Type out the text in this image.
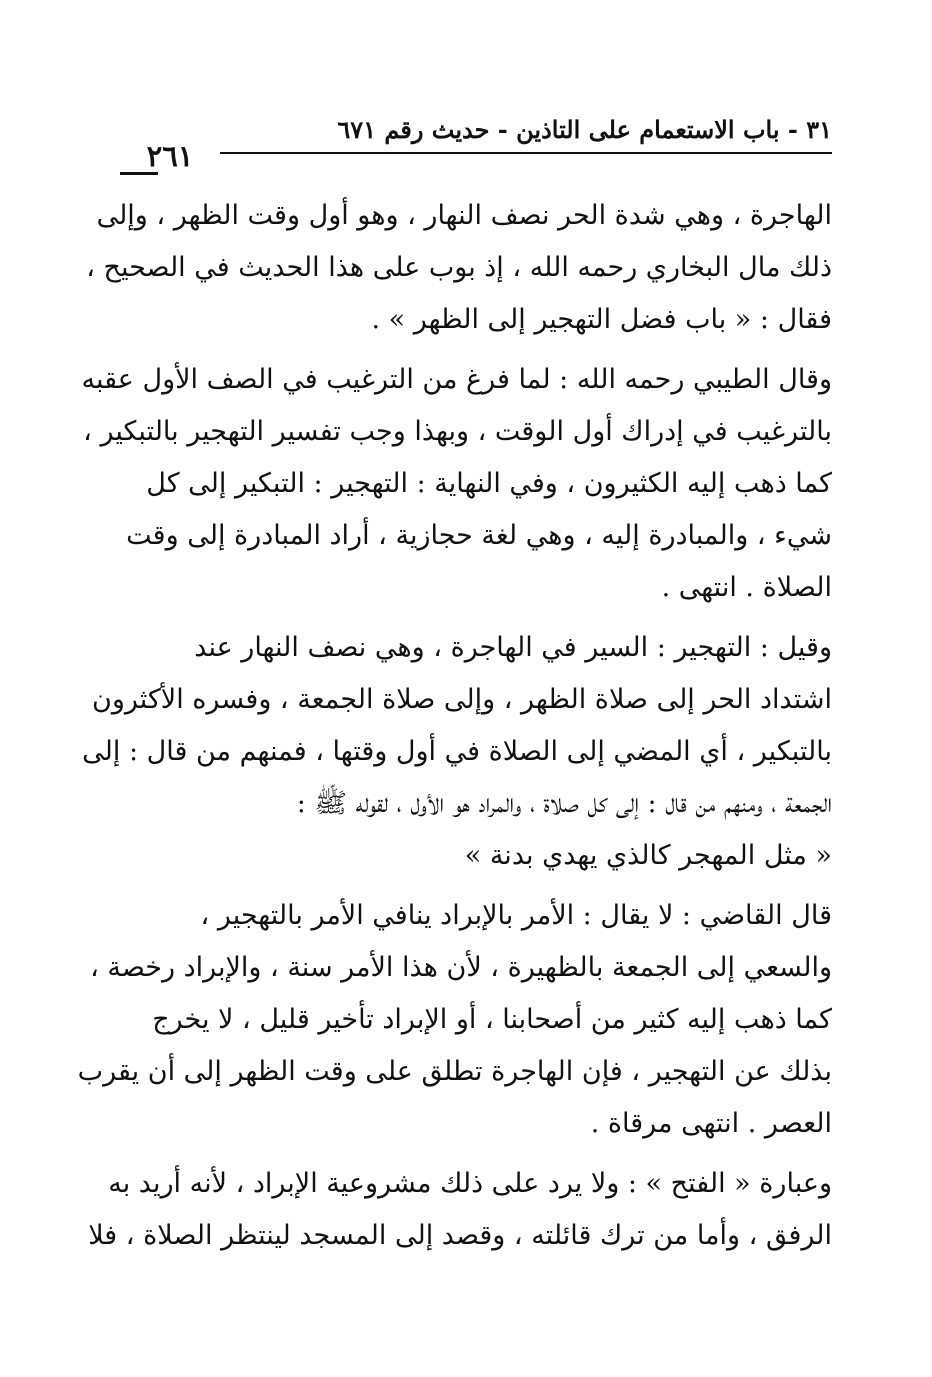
٣١ - باب الاستعمام على التاذين - حديث رقم ٦٧١
٢٦١
الهاجرة ، وهي شدة الحر نصف النهار ، وهو أول وقت الظهر ، وإلى
ذلك مال البخاري رحمه الله ، إذ بوب على هذا الحديث في الصحيح ،
فقال : « باب فضل التهجير إلى الظهر » .
وقال الطيبي رحمه الله : لما فرغ من الترغيب في الصف الأول عقبه
بالترغيب في إدراك أول الوقت ، وبهذا وجب تفسير التهجير بالتبكير ،
كما ذهب إليه الكثيرون ، وفي النهاية : التهجير : التبكير إلى كل
شيء ، والمبادرة إليه ، وهي لغة حجازية ، أراد المبادرة إلى وقت
الصلاة . انتهى .
وقيل : التهجير : السير في الهاجرة ، وهي نصف النهار عند
اشتداد الحر إلى صلاة الظهر ، وإلى صلاة الجمعة ، وفسره الأكثرون
بالتبكير ، أي المضي إلى الصلاة في أول وقتها ، فمنهم من قال : إلى
الجمعة ، ومنهم من قال : إلى كل صلاة ، والمراد هو الأول ، لقوله ﷺ :
« مثل المهجر كالذي يهدي بدنة »
قال القاضي : لا يقال : الأمر بالإبراد ينافي الأمر بالتهجير ،
والسعي إلى الجمعة بالظهيرة ، لأن هذا الأمر سنة ، والإبراد رخصة ،
كما ذهب إليه كثير من أصحابنا ، أو الإبراد تأخير قليل ، لا يخرج
بذلك عن التهجير ، فإن الهاجرة تطلق على وقت الظهر إلى أن يقرب
العصر . انتهى مرقاة .
وعبارة « الفتح » : ولا يرد على ذلك مشروعية الإبراد ، لأنه أريد به
الرفق ، وأما من ترك قائلته ، وقصد إلى المسجد لينتظر الصلاة ، فلا
